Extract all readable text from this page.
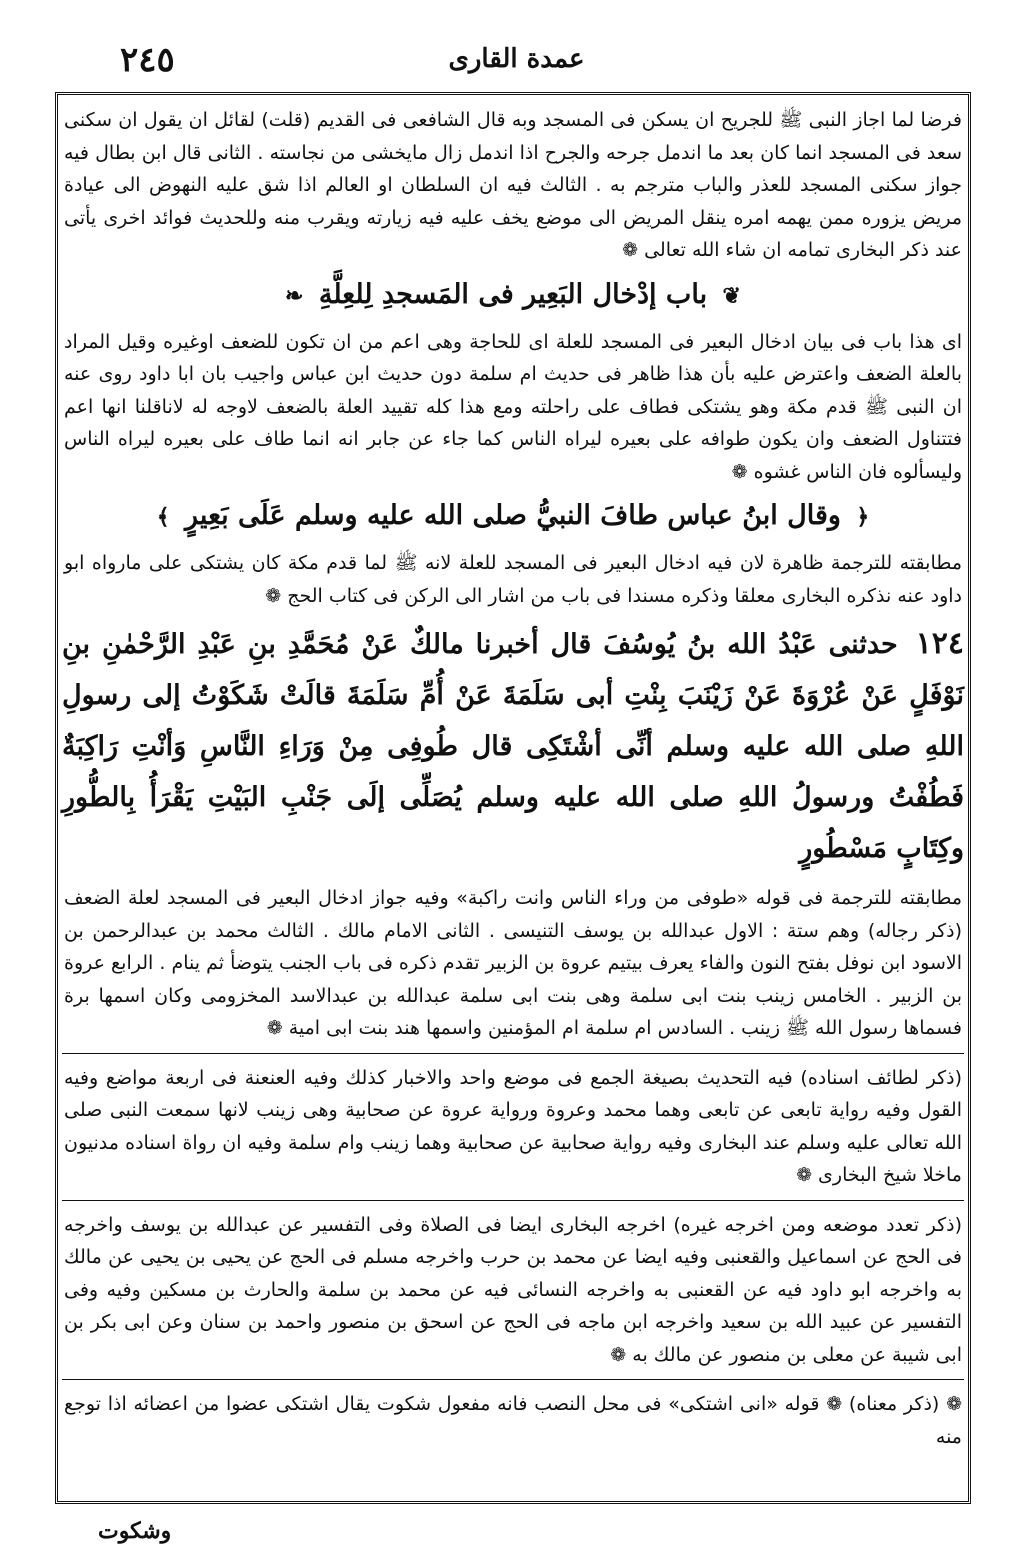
٢٤٥	عمدة القارى

فرضا لما اجاز النبى ﷺ للجريح ان يسكن فى المسجد وبه قال الشافعى فى القديم (قلت) لقائل ان يقول ان سكنى سعد فى المسجد انما كان بعد ما اندمل جرحه والجرح اذا اندمل زال مايخشى من نجاسته . الثانى قال ابن بطال فيه جواز سكنى المسجد للعذر والباب مترجم به . الثالث فيه ان السلطان او العالم اذا شق عليه النهوض الى عيادة مريض يزوره ممن يهمه امره ينقل المريض الى موضع يخف عليه فيه زيارته ويقرب منه وللحديث فوائد اخرى يأتى عند ذكر البخارى تمامه ان شاء الله تعالى ❁

❦ باب إدْخال البَعِير فى المَسجدِ لِلعِلَّةِ ❧

اى هذا باب فى بيان ادخال البعير فى المسجد للعلة اى للحاجة وهى اعم من ان تكون للضعف اوغيره وقيل المراد بالعلة الضعف واعترض عليه بأن هذا ظاهر فى حديث ام سلمة دون حديث ابن عباس واجيب بان ابا داود روى عنه ان النبى ﷺ قدم مكة وهو يشتكى فطاف على راحلته ومع هذا كله تقييد العلة بالضعف لاوجه له لاناقلنا انها اعم فتتناول الضعف وان يكون طوافه على بعيره ليراه الناس كما جاء عن جابر انه انما طاف على بعيره ليراه الناس وليسألوه فان الناس غشوه ❁

﴿ وقال ابنُ عباس طافَ النبيُّ صلى الله عليه وسلم عَلَى بَعِيرٍ ﴾

مطابقته للترجمة ظاهرة لان فيه ادخال البعير فى المسجد للعلة لانه ﷺ لما قدم مكة كان يشتكى على مارواه ابو داود عنه نذكره البخارى معلقا وذكره مسندا فى باب من اشار الى الركن فى كتاب الحج ❁

١٢٤ حدثنى عَبْدُ الله بنُ يُوسُفَ قال أخبرنا مالكٌ عَنْ مُحَمَّدِ بنِ عَبْدِ الرَّحْمٰنِ بنِ نَوْفَلٍ عَنْ عُرْوَةَ عَنْ زَيْنَبَ بِنْتِ أبى سَلَمَةَ عَنْ أُمِّ سَلَمَةَ قالَتْ شَكَوْتُ إلى رسولِ اللهِ صلى الله عليه وسلم أنِّى أشْتَكِى قال طُوفِى مِنْ وَرَاءِ النَّاسِ وَأنْتِ رَاكِبَةٌ فَطُفْتُ ورسولُ اللهِ صلى الله عليه وسلم يُصَلِّى إلَى جَنْبِ البَيْتِ يَقْرَأُ بِالطُّورِ وكِتَابٍ مَسْطُورٍ

مطابقته للترجمة فى قوله «طوفى من وراء الناس وانت راكبة» وفيه جواز ادخال البعير فى المسجد لعلة الضعف (ذكر رجاله) وهم ستة : الاول عبدالله بن يوسف التنيسى . الثانى الامام مالك . الثالث محمد بن عبدالرحمن بن الاسود ابن نوفل بفتح النون والفاء يعرف بيتيم عروة بن الزبير تقدم ذكره فى باب الجنب يتوضأ ثم ينام . الرابع عروة بن الزبير . الخامس زينب بنت ابى سلمة وهى بنت ابى سلمة عبدالله بن عبدالاسد المخزومى وكان اسمها برة فسماها رسول الله ﷺ زينب . السادس ام سلمة ام المؤمنين واسمها هند بنت ابى امية ❁

(ذكر لطائف اسناده) فيه التحديث بصيغة الجمع فى موضع واحد والاخبار كذلك وفيه العنعنة فى اربعة مواضع وفيه القول وفيه رواية تابعى عن تابعى وهما محمد وعروة ورواية عروة عن صحابية وهى زينب لانها سمعت النبى صلى الله تعالى عليه وسلم عند البخارى وفيه رواية صحابية عن صحابية وهما زينب وام سلمة وفيه ان رواة اسناده مدنيون ماخلا شيخ البخارى ❁

(ذكر تعدد موضعه ومن اخرجه غيره) اخرجه البخارى ايضا فى الصلاة وفى التفسير عن عبدالله بن يوسف واخرجه فى الحج عن اسماعيل والقعنبى وفيه ايضا عن محمد بن حرب واخرجه مسلم فى الحج عن يحيى بن يحيى عن مالك به واخرجه ابو داود فيه عن القعنبى به واخرجه النسائى فيه عن محمد بن سلمة والحارث بن مسكين وفيه وفى التفسير عن عبيد الله بن سعيد واخرجه ابن ماجه فى الحج عن اسحق بن منصور واحمد بن سنان وعن ابى بكر بن ابى شيبة عن معلى بن منصور عن مالك به ❁

❁ (ذكر معناه) ❁ قوله «انى اشتكى» فى محل النصب فانه مفعول شكوت يقال اشتكى عضوا من اعضائه اذا توجع منه

وشكوت
